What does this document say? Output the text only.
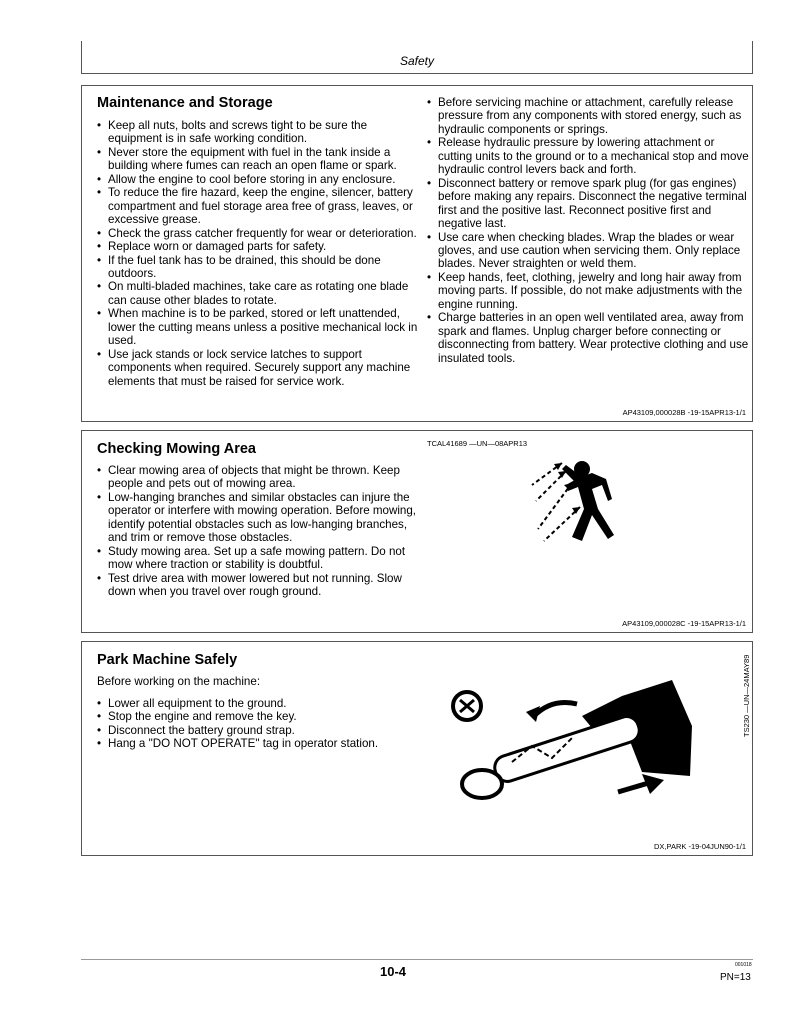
Safety
Maintenance and Storage
• Keep all nuts, bolts and screws tight to be sure the equipment is in safe working condition.
• Never store the equipment with fuel in the tank inside a building where fumes can reach an open flame or spark.
• Allow the engine to cool before storing in any enclosure.
• To reduce the fire hazard, keep the engine, silencer, battery compartment and fuel storage area free of grass, leaves, or excessive grease.
• Check the grass catcher frequently for wear or deterioration.
• Replace worn or damaged parts for safety.
• If the fuel tank has to be drained, this should be done outdoors.
• On multi-bladed machines, take care as rotating one blade can cause other blades to rotate.
• When machine is to be parked, stored or left unattended, lower the cutting means unless a positive mechanical lock in used.
• Use jack stands or lock service latches to support components when required. Securely support any machine elements that must be raised for service work.
• Before servicing machine or attachment, carefully release pressure from any components with stored energy, such as hydraulic components or springs.
• Release hydraulic pressure by lowering attachment or cutting units to the ground or to a mechanical stop and move hydraulic control levers back and forth.
• Disconnect battery or remove spark plug (for gas engines) before making any repairs. Disconnect the negative terminal first and the positive last. Reconnect positive first and negative last.
• Use care when checking blades. Wrap the blades or wear gloves, and use caution when servicing them. Only replace blades. Never straighten or weld them.
• Keep hands, feet, clothing, jewelry and long hair away from moving parts. If possible, do not make adjustments with the engine running.
• Charge batteries in an open well ventilated area, away from spark and flames. Unplug charger before connecting or disconnecting from battery. Wear protective clothing and use insulated tools.
AP43109,000028B -19-15APR13-1/1
Checking Mowing Area
• Clear mowing area of objects that might be thrown. Keep people and pets out of mowing area.
• Low-hanging branches and similar obstacles can injure the operator or interfere with mowing operation. Before mowing, identify potential obstacles such as low-hanging branches, and trim or remove those obstacles.
• Study mowing area. Set up a safe mowing pattern. Do not mow where traction or stability is doubtful.
• Test drive area with mower lowered but not running. Slow down when you travel over rough ground.
TCAL41689 —UN—08APR13
AP43109,000028C -19-15APR13-1/1
Park Machine Safely

Before working on the machine:

• Lower all equipment to the ground.
• Stop the engine and remove the key.
• Disconnect the battery ground strap.
• Hang a "DO NOT OPERATE" tag in operator station.
TS230 —UN—24MAY89
DX,PARK -19-04JUN90-1/1
10-4	001018
PN=13
